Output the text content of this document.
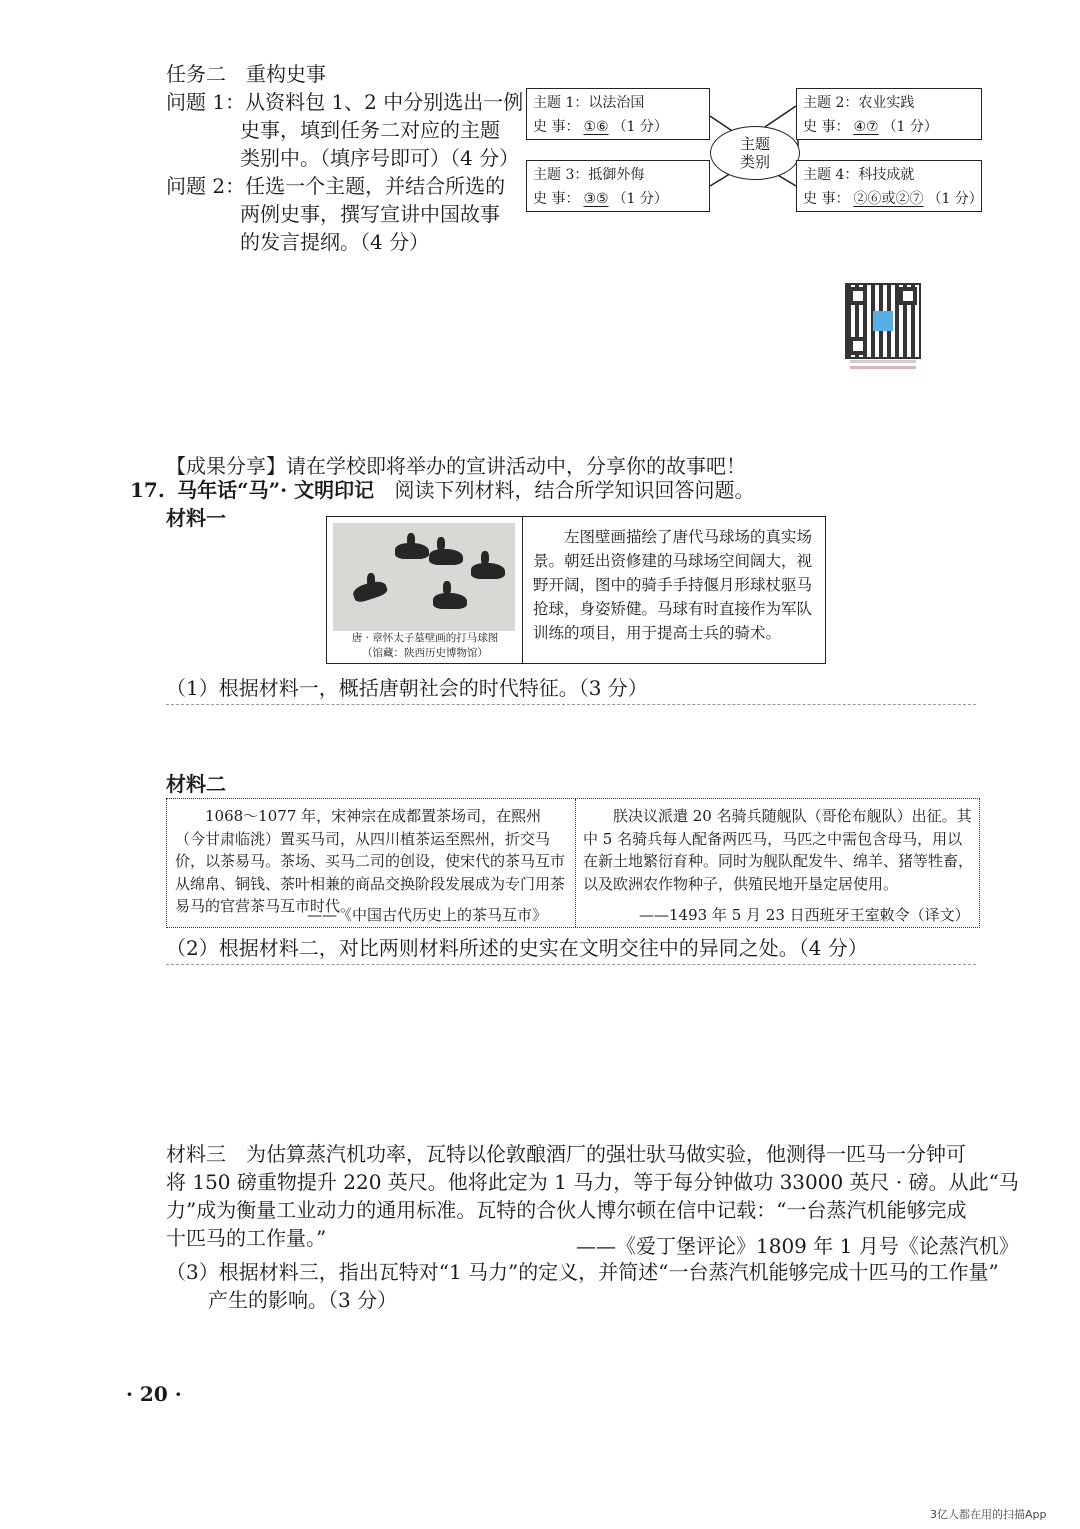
任务二　重构史事
问题 1：从资料包 1、2 中分别选出一例
史事，填到任务二对应的主题
类别中。（填序号即可）（4 分）
问题 2：任选一个主题，并结合所选的
两例史事，撰写宣讲中国故事
的发言提纲。（4 分）
主题 1：以法治国
史 事： ①⑥ （1 分）
主题 2：农业实践
史 事： ④⑦ （1 分）
主题
类别
主题 3：抵御外侮
史 事： ③⑤ （1 分）
主题 4：科技成就
史 事： ②⑥或②⑦ （1 分）
【成果分享】请在学校即将举办的宣讲活动中，分享你的故事吧！
17. 马年话“马”· 文明印记 阅读下列材料，结合所学知识回答问题。
材料一
唐 · 章怀太子墓壁画的打马球图
（馆藏：陕西历史博物馆）
左图壁画描绘了唐代马球场的真实场景。朝廷出资修建的马球场空间阔大，视野开阔，图中的骑手手持偃月形球杖驱马抢球，身姿矫健。马球有时直接作为军队训练的项目，用于提高士兵的骑术。
（1）根据材料一，概括唐朝社会的时代特征。（3 分）
材料二
1068～1077 年，宋神宗在成都置茶场司，在熙州（今甘肃临洮）置买马司，从四川植茶运至熙州，折交马价，以茶易马。茶场、买马二司的创设，使宋代的茶马互市从绵帛、铜钱、茶叶相兼的商品交换阶段发展成为专门用茶易马的官营茶马互市时代。
——《中国古代历史上的茶马互市》
朕决议派遣 20 名骑兵随舰队（哥伦布舰队）出征。其中 5 名骑兵每人配备两匹马，马匹之中需包含母马，用以在新土地繁衍育种。同时为舰队配发牛、绵羊、猪等牲畜，以及欧洲农作物种子，供殖民地开垦定居使用。
——1493 年 5 月 23 日西班牙王室敕令（译文）
（2）根据材料二，对比两则材料所述的史实在文明交往中的异同之处。（4 分）
材料三　为估算蒸汽机功率，瓦特以伦敦酿酒厂的强壮驮马做实验，他测得一匹马一分钟可
将 150 磅重物提升 220 英尺。他将此定为 1 马力，等于每分钟做功 33000 英尺 · 磅。从此“马
力”成为衡量工业动力的通用标准。瓦特的合伙人博尔顿在信中记载：“一台蒸汽机能够完成
十匹马的工作量。”	——《爱丁堡评论》1809 年 1 月号《论蒸汽机》
（3）根据材料三，指出瓦特对“1 马力”的定义，并简述“一台蒸汽机能够完成十匹马的工作量”
产生的影响。（3 分）
· 20 ·
3亿人都在用的扫描App
